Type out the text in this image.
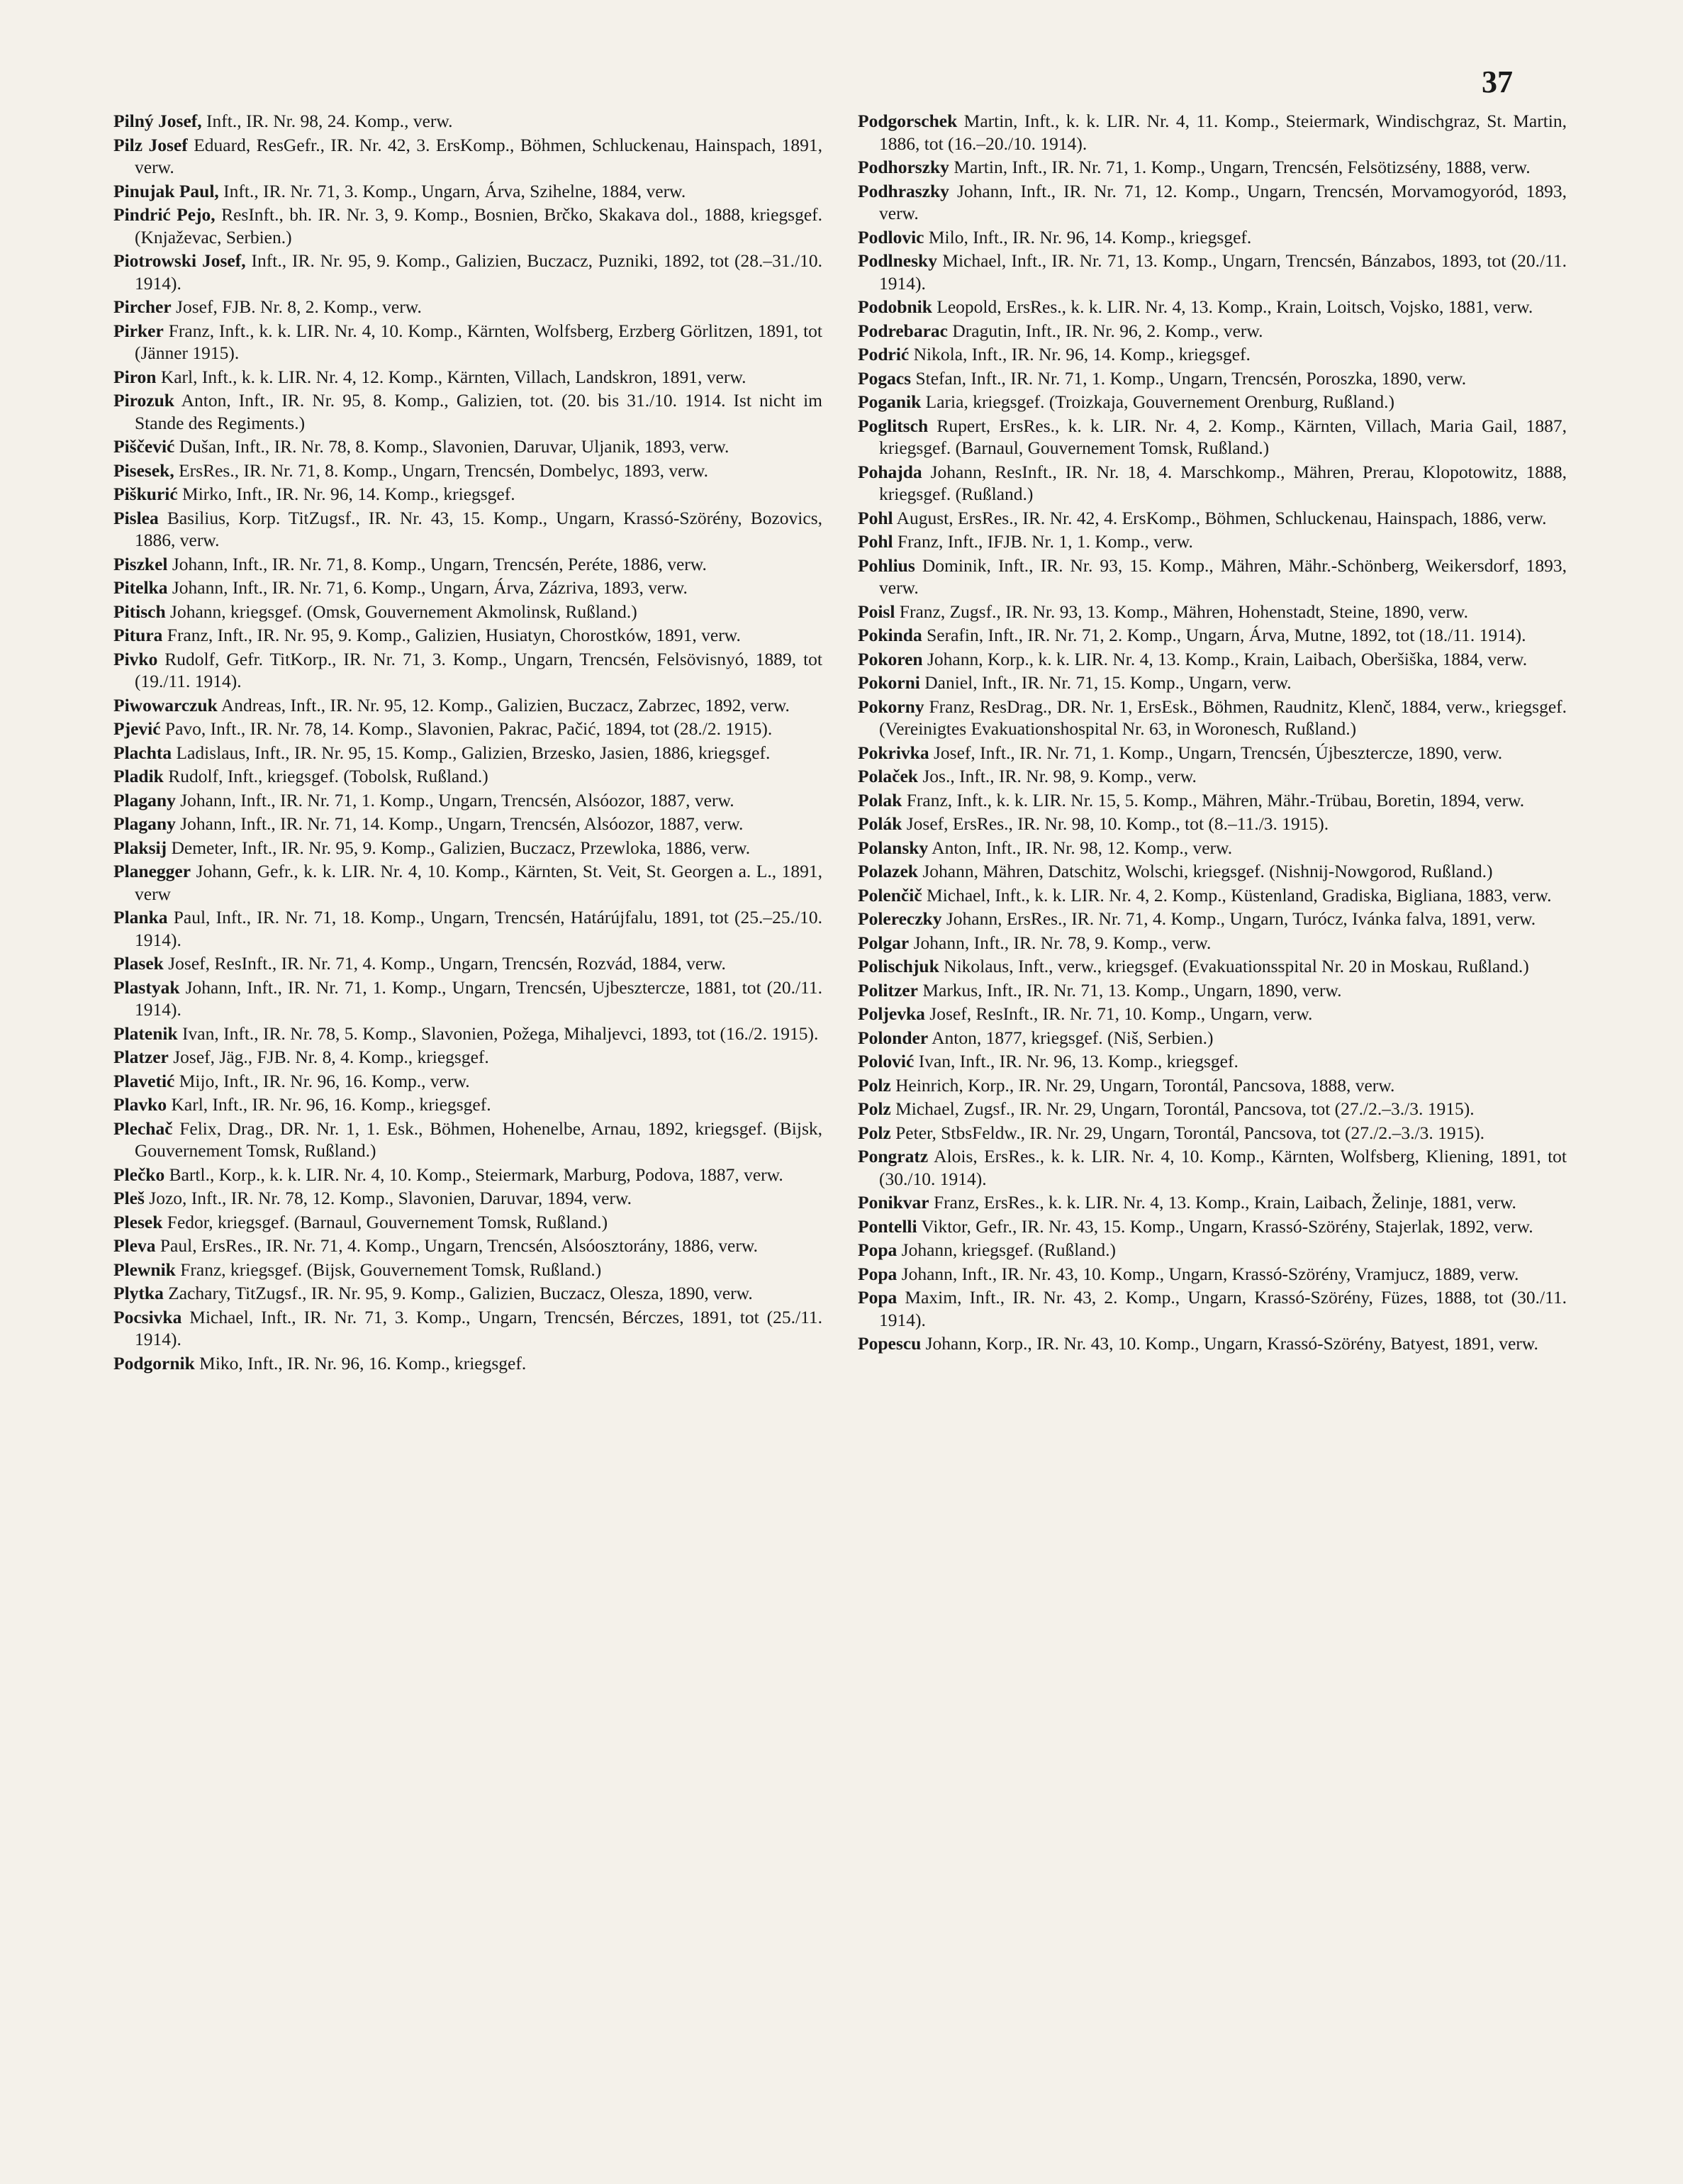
37

Pilný Josef, Inft., IR. Nr. 98, 24. Komp., verw.

Pilz Josef Eduard, ResGefr., IR. Nr. 42, 3. ErsKomp., Böhmen, Schluckenau, Hainspach, 1891, verw.

Pinujak Paul, Inft., IR. Nr. 71, 3. Komp., Ungarn, Árva, Szihelne, 1884, verw.

Pindrić Pejo, ResInft., bh. IR. Nr. 3, 9. Komp., Bosnien, Brčko, Skakava dol., 1888, kriegsgef. (Knjaževac, Serbien.)

Piotrowski Josef, Inft., IR. Nr. 95, 9. Komp., Galizien, Buczacz, Puzniki, 1892, tot (28.–31./10. 1914).

Pircher Josef, FJB. Nr. 8, 2. Komp., verw.

Pirker Franz, Inft., k. k. LIR. Nr. 4, 10. Komp., Kärnten, Wolfsberg, Erzberg Görlitzen, 1891, tot (Jänner 1915).

Piron Karl, Inft., k. k. LIR. Nr. 4, 12. Komp., Kärnten, Villach, Landskron, 1891, verw.

Pirozuk Anton, Inft., IR. Nr. 95, 8. Komp., Galizien, tot. (20. bis 31./10. 1914. Ist nicht im Stande des Regiments.)

Piščević Dušan, Inft., IR. Nr. 78, 8. Komp., Slavonien, Daruvar, Uljanik, 1893, verw.

Pisesek, ErsRes., IR. Nr. 71, 8. Komp., Ungarn, Trencsén, Dombelyc, 1893, verw.

Piškurić Mirko, Inft., IR. Nr. 96, 14. Komp., kriegsgef.

Pislea Basilius, Korp. TitZugsf., IR. Nr. 43, 15. Komp., Ungarn, Krassó-Szörény, Bozovics, 1886, verw.

Piszkel Johann, Inft., IR. Nr. 71, 8. Komp., Ungarn, Trencsén, Peréte, 1886, verw.

Pitelka Johann, Inft., IR. Nr. 71, 6. Komp., Ungarn, Árva, Zázriva, 1893, verw.

Pitisch Johann, kriegsgef. (Omsk, Gouvernement Akmolinsk, Rußland.)

Pitura Franz, Inft., IR. Nr. 95, 9. Komp., Galizien, Husiatyn, Chorostków, 1891, verw.

Pivko Rudolf, Gefr. TitKorp., IR. Nr. 71, 3. Komp., Ungarn, Trencsén, Felsövisnyó, 1889, tot (19./11. 1914).

Piwowarczuk Andreas, Inft., IR. Nr. 95, 12. Komp., Galizien, Buczacz, Zabrzec, 1892, verw.

Pjević Pavo, Inft., IR. Nr. 78, 14. Komp., Slavonien, Pakrac, Pačić, 1894, tot (28./2. 1915).

Plachta Ladislaus, Inft., IR. Nr. 95, 15. Komp., Galizien, Brzesko, Jasien, 1886, kriegsgef.

Pladik Rudolf, Inft., kriegsgef. (Tobolsk, Rußland.)

Plagany Johann, Inft., IR. Nr. 71, 1. Komp., Ungarn, Trencsén, Alsóozor, 1887, verw.

Plagany Johann, Inft., IR. Nr. 71, 14. Komp., Ungarn, Trencsén, Alsóozor, 1887, verw.

Plaksij Demeter, Inft., IR. Nr. 95, 9. Komp., Galizien, Buczacz, Przewloka, 1886, verw.

Planegger Johann, Gefr., k. k. LIR. Nr. 4, 10. Komp., Kärnten, St. Veit, St. Georgen a. L., 1891, verw

Planka Paul, Inft., IR. Nr. 71, 18. Komp., Ungarn, Trencsén, Határújfalu, 1891, tot (25.–25./10. 1914).

Plasek Josef, ResInft., IR. Nr. 71, 4. Komp., Ungarn, Trencsén, Rozvád, 1884, verw.

Plastyak Johann, Inft., IR. Nr. 71, 1. Komp., Ungarn, Trencsén, Ujbesztercze, 1881, tot (20./11. 1914).

Platenik Ivan, Inft., IR. Nr. 78, 5. Komp., Slavonien, Požega, Mihaljevci, 1893, tot (16./2. 1915).

Platzer Josef, Jäg., FJB. Nr. 8, 4. Komp., kriegsgef.

Plavetić Mijo, Inft., IR. Nr. 96, 16. Komp., verw.

Plavko Karl, Inft., IR. Nr. 96, 16. Komp., kriegsgef.

Plechač Felix, Drag., DR. Nr. 1, 1. Esk., Böhmen, Hohenelbe, Arnau, 1892, kriegsgef. (Bijsk, Gouvernement Tomsk, Rußland.)

Plečko Bartl., Korp., k. k. LIR. Nr. 4, 10. Komp., Steiermark, Marburg, Podova, 1887, verw.

Pleš Jozo, Inft., IR. Nr. 78, 12. Komp., Slavonien, Daruvar, 1894, verw.

Plesek Fedor, kriegsgef. (Barnaul, Gouvernement Tomsk, Rußland.)

Pleva Paul, ErsRes., IR. Nr. 71, 4. Komp., Ungarn, Trencsén, Alsóosztorány, 1886, verw.

Plewnik Franz, kriegsgef. (Bijsk, Gouvernement Tomsk, Rußland.)

Plytka Zachary, TitZugsf., IR. Nr. 95, 9. Komp., Galizien, Buczacz, Olesza, 1890, verw.

Pocsivka Michael, Inft., IR. Nr. 71, 3. Komp., Ungarn, Trencsén, Bérczes, 1891, tot (25./11. 1914).

Podgornik Miko, Inft., IR. Nr. 96, 16. Komp., kriegsgef.

Podgorschek Martin, Inft., k. k. LIR. Nr. 4, 11. Komp., Steiermark, Windischgraz, St. Martin, 1886, tot (16.–20./10. 1914).

Podhorszky Martin, Inft., IR. Nr. 71, 1. Komp., Ungarn, Trencsén, Felsötizsény, 1888, verw.

Podhraszky Johann, Inft., IR. Nr. 71, 12. Komp., Ungarn, Trencsén, Morvamogyoród, 1893, verw.

Podlovic Milo, Inft., IR. Nr. 96, 14. Komp., kriegsgef.

Podlnesky Michael, Inft., IR. Nr. 71, 13. Komp., Ungarn, Trencsén, Bánzabos, 1893, tot (20./11. 1914).

Podobnik Leopold, ErsRes., k. k. LIR. Nr. 4, 13. Komp., Krain, Loitsch, Vojsko, 1881, verw.

Podrebarac Dragutin, Inft., IR. Nr. 96, 2. Komp., verw.

Podrić Nikola, Inft., IR. Nr. 96, 14. Komp., kriegsgef.

Pogacs Stefan, Inft., IR. Nr. 71, 1. Komp., Ungarn, Trencsén, Poroszka, 1890, verw.

Poganik Laria, kriegsgef. (Troizkaja, Gouvernement Orenburg, Rußland.)

Poglitsch Rupert, ErsRes., k. k. LIR. Nr. 4, 2. Komp., Kärnten, Villach, Maria Gail, 1887, kriegsgef. (Barnaul, Gouvernement Tomsk, Rußland.)

Pohajda Johann, ResInft., IR. Nr. 18, 4. Marschkomp., Mähren, Prerau, Klopotowitz, 1888, kriegsgef. (Rußland.)

Pohl August, ErsRes., IR. Nr. 42, 4. ErsKomp., Böhmen, Schluckenau, Hainspach, 1886, verw.

Pohl Franz, Inft., IFJB. Nr. 1, 1. Komp., verw.

Pohlius Dominik, Inft., IR. Nr. 93, 15. Komp., Mähren, Mähr.-Schönberg, Weikersdorf, 1893, verw.

Poisl Franz, Zugsf., IR. Nr. 93, 13. Komp., Mähren, Hohenstadt, Steine, 1890, verw.

Pokinda Serafin, Inft., IR. Nr. 71, 2. Komp., Ungarn, Árva, Mutne, 1892, tot (18./11. 1914).

Pokoren Johann, Korp., k. k. LIR. Nr. 4, 13. Komp., Krain, Laibach, Oberšiška, 1884, verw.

Pokorni Daniel, Inft., IR. Nr. 71, 15. Komp., Ungarn, verw.

Pokorny Franz, ResDrag., DR. Nr. 1, ErsEsk., Böhmen, Raudnitz, Klenč, 1884, verw., kriegsgef. (Vereinigtes Evakuationshospital Nr. 63, in Woronesch, Rußland.)

Pokrivka Josef, Inft., IR. Nr. 71, 1. Komp., Ungarn, Trencsén, Újbesztercze, 1890, verw.

Polaček Jos., Inft., IR. Nr. 98, 9. Komp., verw.

Polak Franz, Inft., k. k. LIR. Nr. 15, 5. Komp., Mähren, Mähr.-Trübau, Boretin, 1894, verw.

Polák Josef, ErsRes., IR. Nr. 98, 10. Komp., tot (8.–11./3. 1915).

Polansky Anton, Inft., IR. Nr. 98, 12. Komp., verw.

Polazek Johann, Mähren, Datschitz, Wolschi, kriegsgef. (Nishnij-Nowgorod, Rußland.)

Polenčič Michael, Inft., k. k. LIR. Nr. 4, 2. Komp., Küstenland, Gradiska, Bigliana, 1883, verw.

Polereczky Johann, ErsRes., IR. Nr. 71, 4. Komp., Ungarn, Turócz, Ivánka falva, 1891, verw.

Polgar Johann, Inft., IR. Nr. 78, 9. Komp., verw.

Polischjuk Nikolaus, Inft., verw., kriegsgef. (Evakuationsspital Nr. 20 in Moskau, Rußland.)

Politzer Markus, Inft., IR. Nr. 71, 13. Komp., Ungarn, 1890, verw.

Poljevka Josef, ResInft., IR. Nr. 71, 10. Komp., Ungarn, verw.

Polonder Anton, 1877, kriegsgef. (Niš, Serbien.)

Polović Ivan, Inft., IR. Nr. 96, 13. Komp., kriegsgef.

Polz Heinrich, Korp., IR. Nr. 29, Ungarn, Torontál, Pancsova, 1888, verw.

Polz Michael, Zugsf., IR. Nr. 29, Ungarn, Torontál, Pancsova, tot (27./2.–3./3. 1915).

Polz Peter, StbsFeldw., IR. Nr. 29, Ungarn, Torontál, Pancsova, tot (27./2.–3./3. 1915).

Pongratz Alois, ErsRes., k. k. LIR. Nr. 4, 10. Komp., Kärnten, Wolfsberg, Kliening, 1891, tot (30./10. 1914).

Ponikvar Franz, ErsRes., k. k. LIR. Nr. 4, 13. Komp., Krain, Laibach, Želinje, 1881, verw.

Pontelli Viktor, Gefr., IR. Nr. 43, 15. Komp., Ungarn, Krassó-Szörény, Stajerlak, 1892, verw.

Popa Johann, kriegsgef. (Rußland.)

Popa Johann, Inft., IR. Nr. 43, 10. Komp., Ungarn, Krassó-Szörény, Vramjucz, 1889, verw.

Popa Maxim, Inft., IR. Nr. 43, 2. Komp., Ungarn, Krassó-Szörény, Füzes, 1888, tot (30./11. 1914).

Popescu Johann, Korp., IR. Nr. 43, 10. Komp., Ungarn, Krassó-Szörény, Batyest, 1891, verw.
